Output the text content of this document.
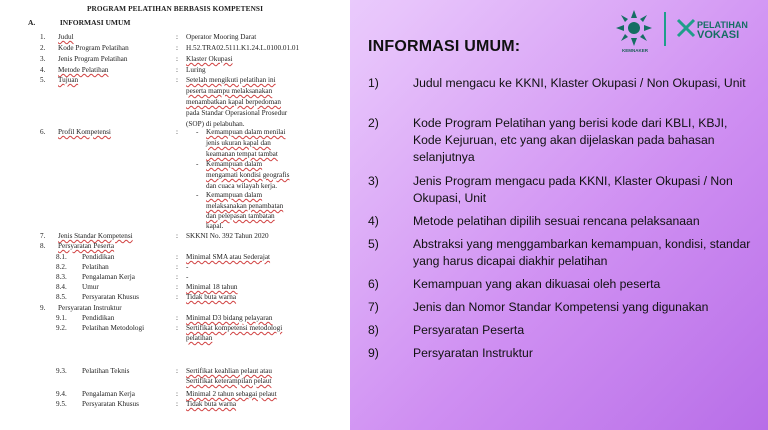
PROGRAM PELATIHAN BERBASIS KOMPETENSI
A.	INFORMASI UMUM
1. Judul	: Operator Mooring Darat
2. Kode Program Pelatihan	: H.52.TRA02.5111.K1.24.L.0100.01.01
3. Jenis Program Pelatihan	: Klaster Okupasi
4. Metode Pelatihan	: Luring
5. Tujuan	: Setelah mengikuti pelatihan ini
peserta mampu melaksanakan
menambatkan kapal berpedoman
pada Standar Operasional Prosedur
(SOP) di pelabuhan.
6. Profil Kompetensi	:	- Kemampuan dalam menilai
jenis ukuran kapal dan
keamanan tempat tambat
- Kemampuan dalam
mengamati kondisi geografis
dan cuaca wilayah kerja.
- Kemampuan dalam
melaksanakan penambatan
dan pelepasan tambatan
kapal.
7. Jenis Standar Kompetensi	: SKKNI No. 392 Tahun 2020
8. Persyaratan Peserta
8.1. Pendidikan	: Minimal SMA atau Sederajat
8.2. Pelatihan	: -
8.3. Pengalaman Kerja	: -
8.4. Umur	: Minimal 18 tahun
8.5. Persyaratan Khusus	: Tidak buta warna
9. Persyaratan Instruktur
9.1. Pendidikan	: Minimal D3 bidang pelayaran
9.2. Pelatihan Metodologi	: Sertifikat kompetensi metodologi
pelatihan
9.3. Pelatihan Teknis	: Sertifikat keahlian pelaut atau
Sertifikat keterampilan pelaut
9.4. Pengalaman Kerja	: Minimal 2 tahun sebagai pelaut
9.5. Persyaratan Khusus	: Tidak buta warna
KEMNAKER
PELATIHAN
VOKASI
INFORMASI UMUM:
1)	Judul mengacu ke KKNI, Klaster Okupasi / Non Okupasi, Unit
2)	Kode Program Pelatihan yang berisi kode dari KBLI, KBJI, Kode Kejuruan, etc yang akan dijelaskan pada bahasan selanjutnya
3)	Jenis Program mengacu pada KKNI, Klaster Okupasi / Non Okupasi, Unit
4)	Metode pelatihan dipilih sesuai rencana pelaksanaan
5)	Abstraksi yang menggambarkan kemampuan, kondisi, standar yang harus dicapai diakhir pelatihan
6)	Kemampuan yang akan dikuasai oleh peserta
7)	Jenis dan Nomor Standar Kompetensi yang digunakan
8)	Persyaratan Peserta
9)	Persyaratan Instruktur
